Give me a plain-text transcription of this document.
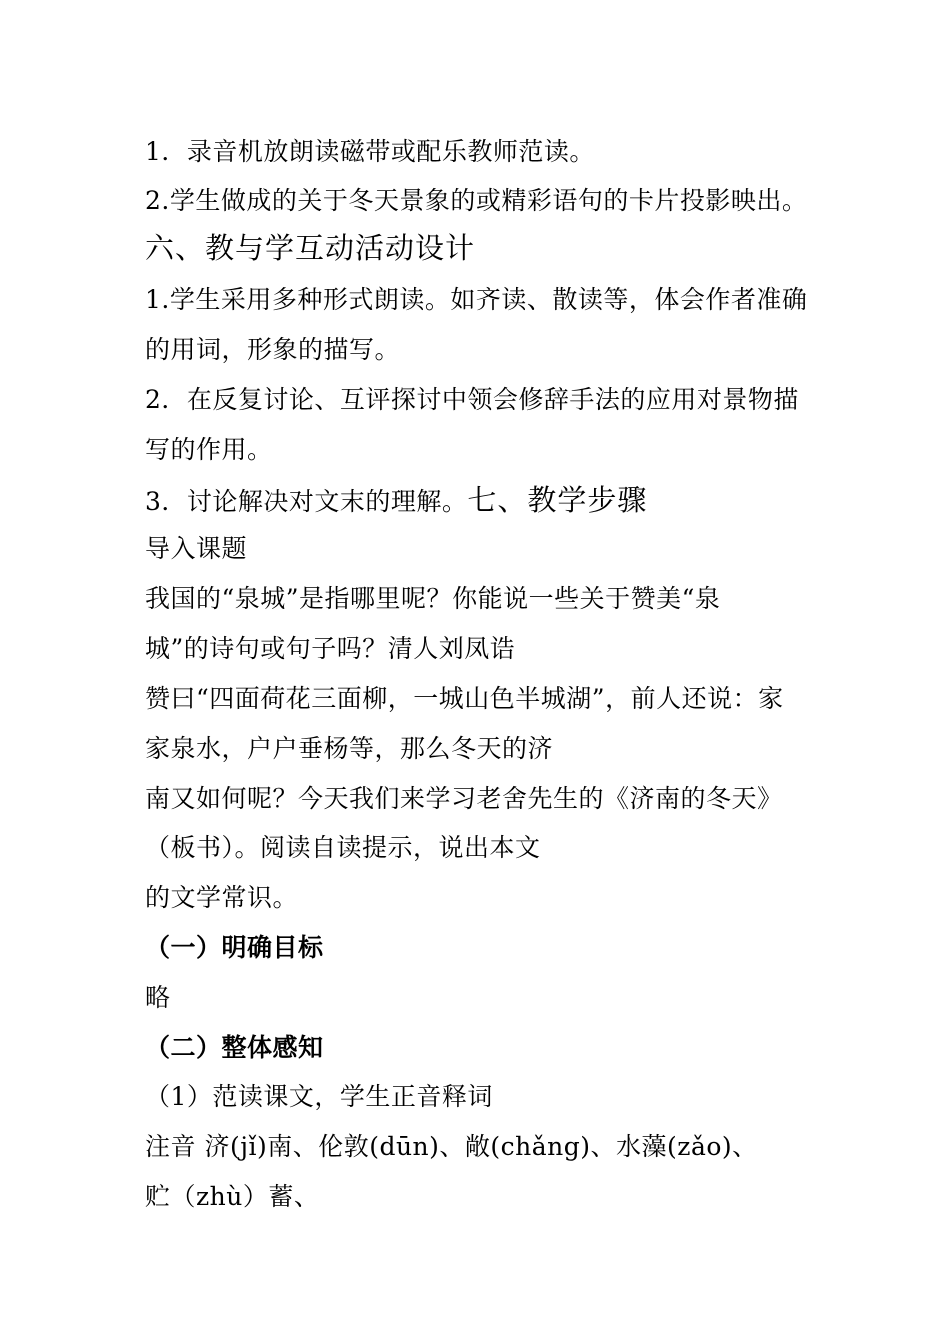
1．录音机放朗读磁带或配乐教师范读。
2.学生做成的关于冬天景象的或精彩语句的卡片投影映出。
六、教与学互动活动设计
1.学生采用多种形式朗读。如齐读、散读等，体会作者准确
的用词，形象的描写。
2．在反复讨论、互评探讨中领会修辞手法的应用对景物描
写的作用。
3．讨论解决对文末的理解。七、教学步骤
导入课题
我国的“泉城”是指哪里呢？你能说一些关于赞美“泉
城”的诗句或句子吗？清人刘凤诰
赞曰“四面荷花三面柳，一城山色半城湖”，前人还说：家
家泉水，户户垂杨等，那么冬天的济
南又如何呢？今天我们来学习老舍先生的《济南的冬天》
（板书）。阅读自读提示，说出本文
的文学常识。
（一）明确目标
略
（二）整体感知
（1）范读课文，学生正音释词
注音 济(jǐ)南、伦敦(dūn)、敞(chǎng)、水藻(zǎo)、
贮（zhù）蓄、
